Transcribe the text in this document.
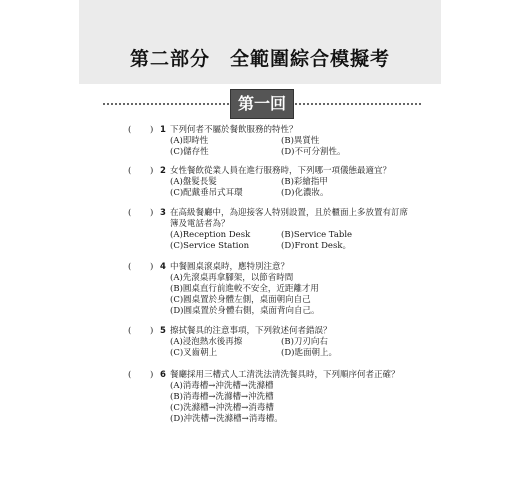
第二部分　全範圍綜合模擬考
第一回
( ) 1 下列何者不屬於餐飲服務的特性？
(A)即時性	(B)異質性
(C)儲存性	(D)不可分割性。
( ) 2 女性餐飲從業人員在進行服務時，下列哪一項儀態最適宜？
(A)盤髮長髮	(B)彩繪指甲
(C)配戴垂吊式耳環	(D)化濃妝。
( ) 3 在高級餐廳中，為迎接客人特別設置，且於櫃面上多放置有訂席簿及電話者為？
(A)Reception Desk	(B)Service Table
(C)Service Station	(D)Front Desk。
( ) 4 中餐圓桌滾桌時，應特別注意？
(A)先滾桌再拿腳架，以節省時間
(B)圓桌直行前進較不安全，近距離才用
(C)圓桌置於身體左側，桌面朝向自己
(D)圓桌置於身體右側，桌面背向自己。
( ) 5 擦拭餐具的注意事項，下列敘述何者錯誤？
(A)浸泡熱水後再擦	(B)刀刃向右
(C)叉齒朝上	(D)匙面朝上。
( ) 6 餐廳採用三槽式人工清洗法清洗餐具時，下列順序何者正確？
(A)消毒槽→沖洗槽→洗滌槽
(B)消毒槽→洗滌槽→沖洗槽
(C)洗滌槽→沖洗槽→消毒槽
(D)沖洗槽→洗滌槽→消毒槽。
